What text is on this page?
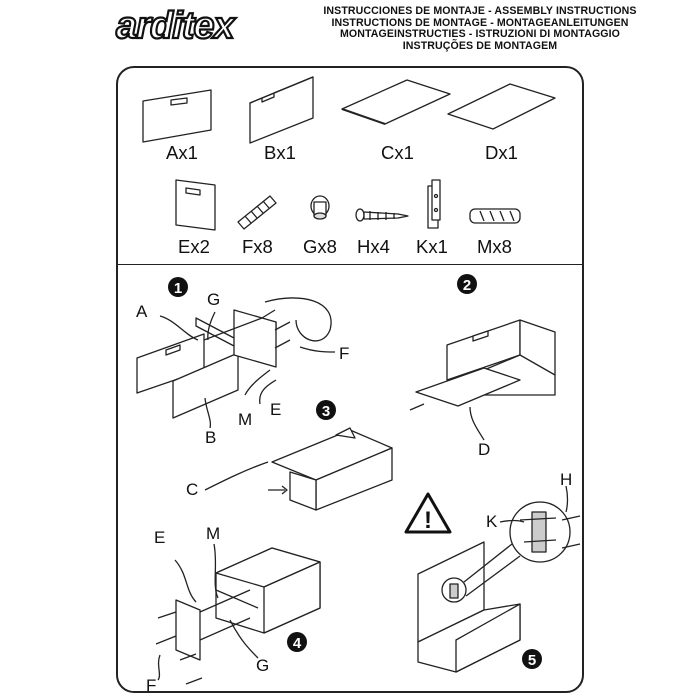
arditex	INSTRUCCIONES DE MONTAJE - ASSEMBLY INSTRUCTIONS
INSTRUCTIONS DE MONTAGE - MONTAGEANLEITUNGEN
MONTAGEINSTRUCTIES - ISTRUZIONI DI MONTAGGIO
INSTRUÇÕES DE MONTAGEM
!
1	2
3
4
5
Ax1	Bx1	Cx1	Dx1
Ex2 Fx8 Gx8 Hx4 Kx1 Mx8
A
G
F
E
M
B
D
C
E M
F
G
H
K
